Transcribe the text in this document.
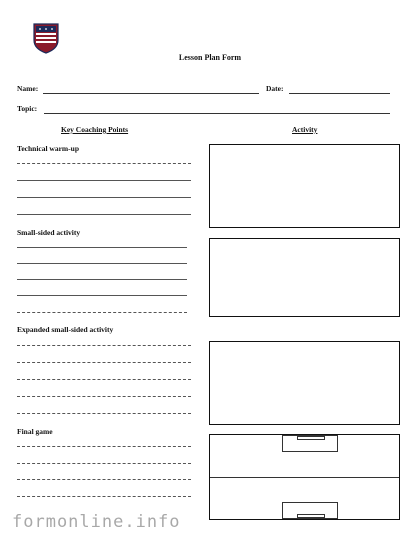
Lesson Plan Form
Name:	Date:
Topic:
Key Coaching Points	Activity
Technical warm-up
Small-sided activity
Expanded small-sided activity
Final game
formonline.info
